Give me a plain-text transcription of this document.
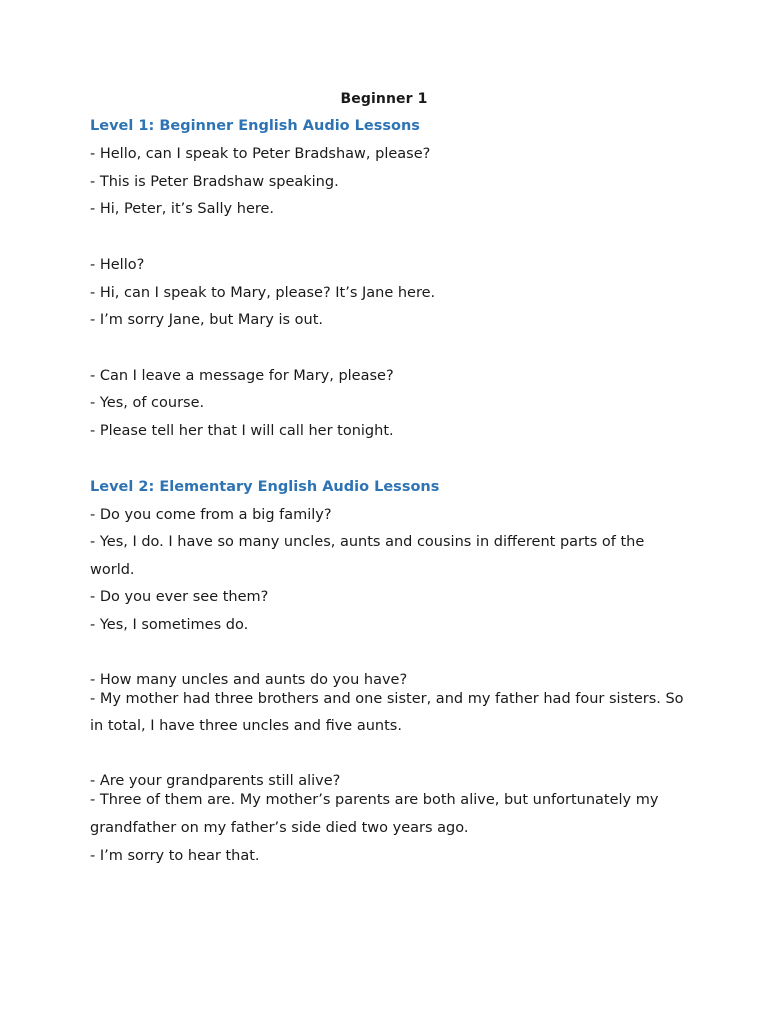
Beginner 1
Level 1: Beginner English Audio Lessons
- Hello, can I speak to Peter Bradshaw, please?
- This is Peter Bradshaw speaking.
- Hi, Peter, it’s Sally here.
- Hello?
- Hi, can I speak to Mary, please? It’s Jane here.
- I’m sorry Jane, but Mary is out.
- Can I leave a message for Mary, please?
- Yes, of course.
- Please tell her that I will call her tonight.
Level 2: Elementary English Audio Lessons
- Do you come from a big family?
- Yes, I do. I have so many uncles, aunts and cousins in different parts of the
world.
- Do you ever see them?
- Yes, I sometimes do.
- How many uncles and aunts do you have?
- My mother had three brothers and one sister, and my father had four sisters. So
in total, I have three uncles and five aunts.
- Are your grandparents still alive?
- Three of them are. My mother’s parents are both alive, but unfortunately my
grandfather on my father’s side died two years ago.
- I’m sorry to hear that.
